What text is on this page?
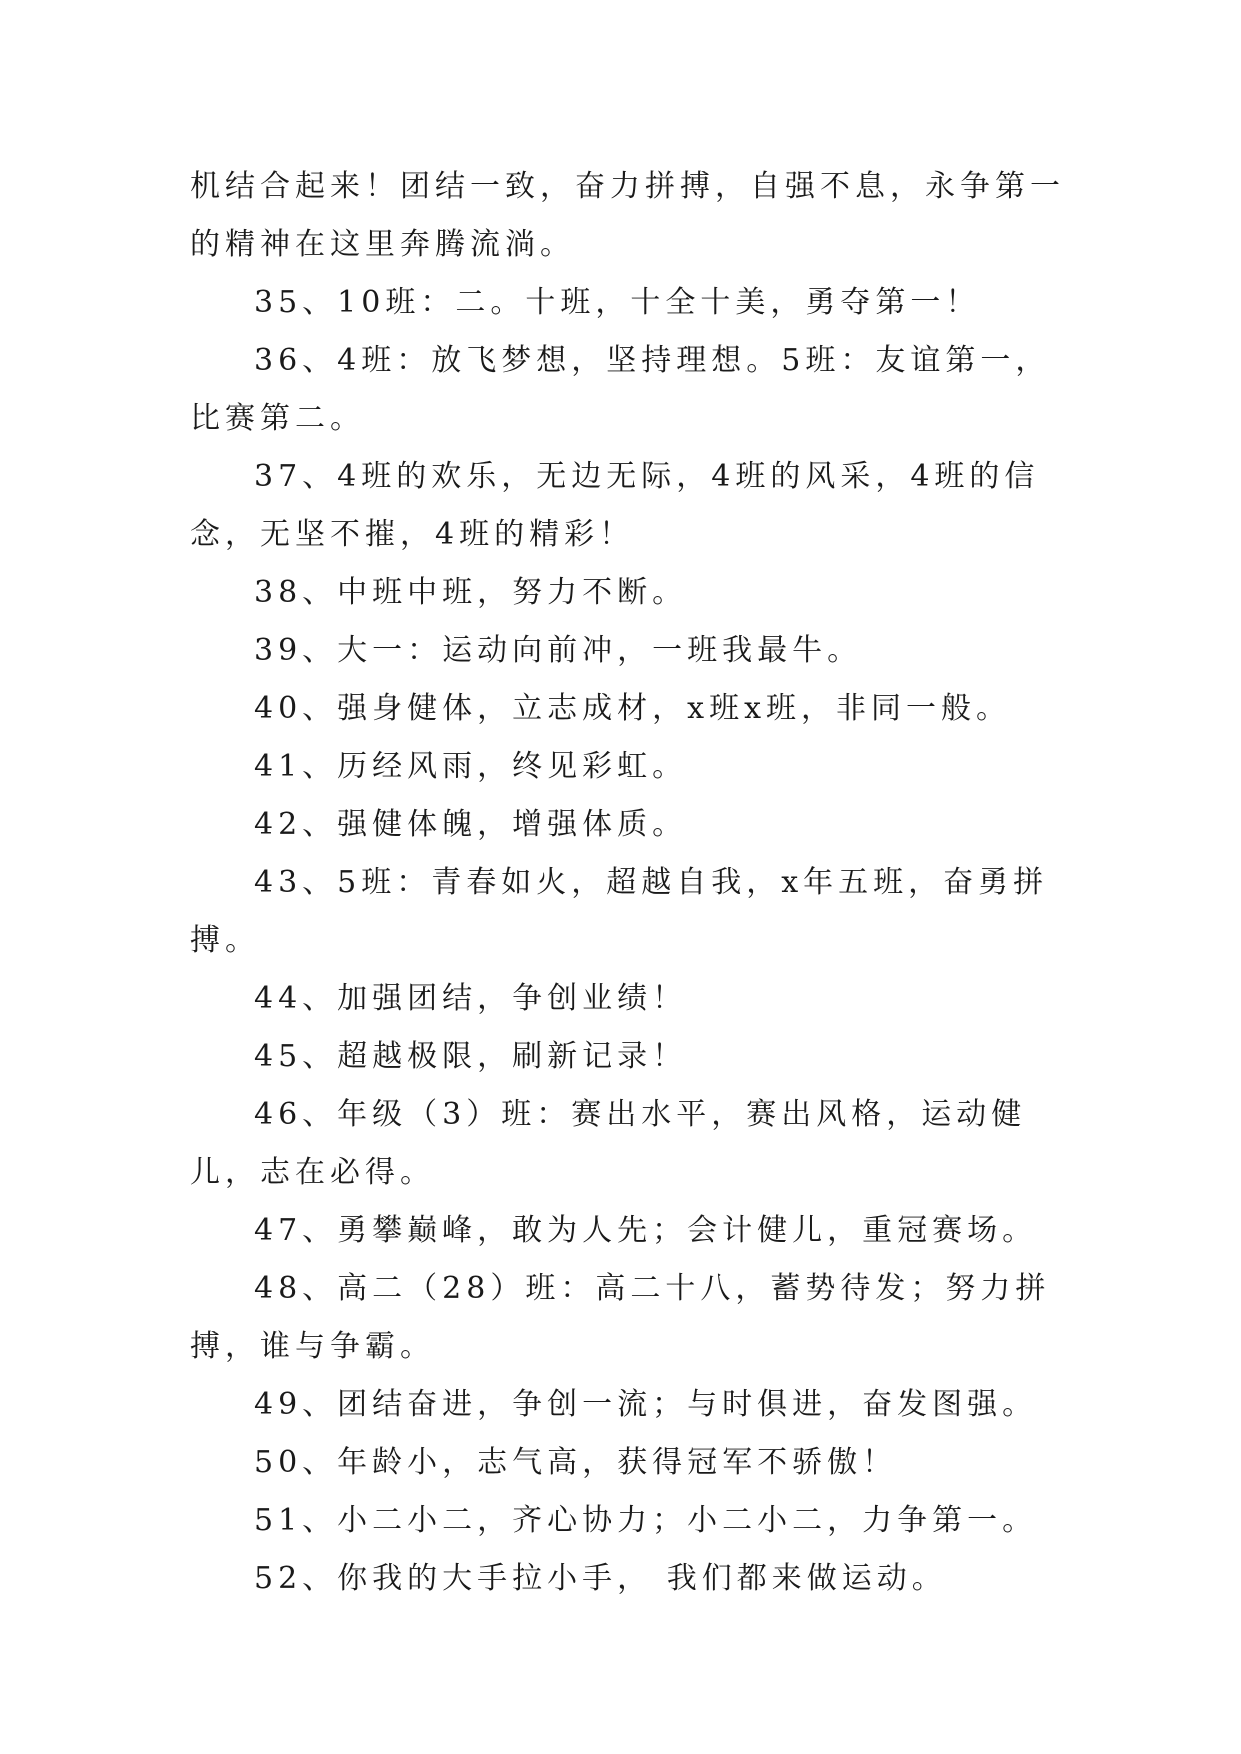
机结合起来！团结一致，奋力拼搏，自强不息，永争第一的精神在这里奔腾流淌。

35、10班：二。十班，十全十美，勇夺第一！

36、4班：放飞梦想，坚持理想。5班：友谊第一，比赛第二。

37、4班的欢乐，无边无际，4班的风采，4班的信念，无坚不摧，4班的精彩！

38、中班中班，努力不断。

39、大一：运动向前冲，一班我最牛。

40、强身健体，立志成材，x班x班，非同一般。

41、历经风雨，终见彩虹。

42、强健体魄，增强体质。

43、5班：青春如火，超越自我，x年五班，奋勇拼搏。

44、加强团结，争创业绩！

45、超越极限，刷新记录！

46、年级（3）班：赛出水平，赛出风格，运动健儿，志在必得。

47、勇攀巅峰，敢为人先；会计健儿，重冠赛场。

48、高二（28）班：高二十八，蓄势待发；努力拼搏，谁与争霸。

49、团结奋进，争创一流；与时俱进，奋发图强。

50、年龄小，志气高，获得冠军不骄傲！

51、小二小二，齐心协力；小二小二，力争第一。

52、你我的大手拉小手， 我们都来做运动。
